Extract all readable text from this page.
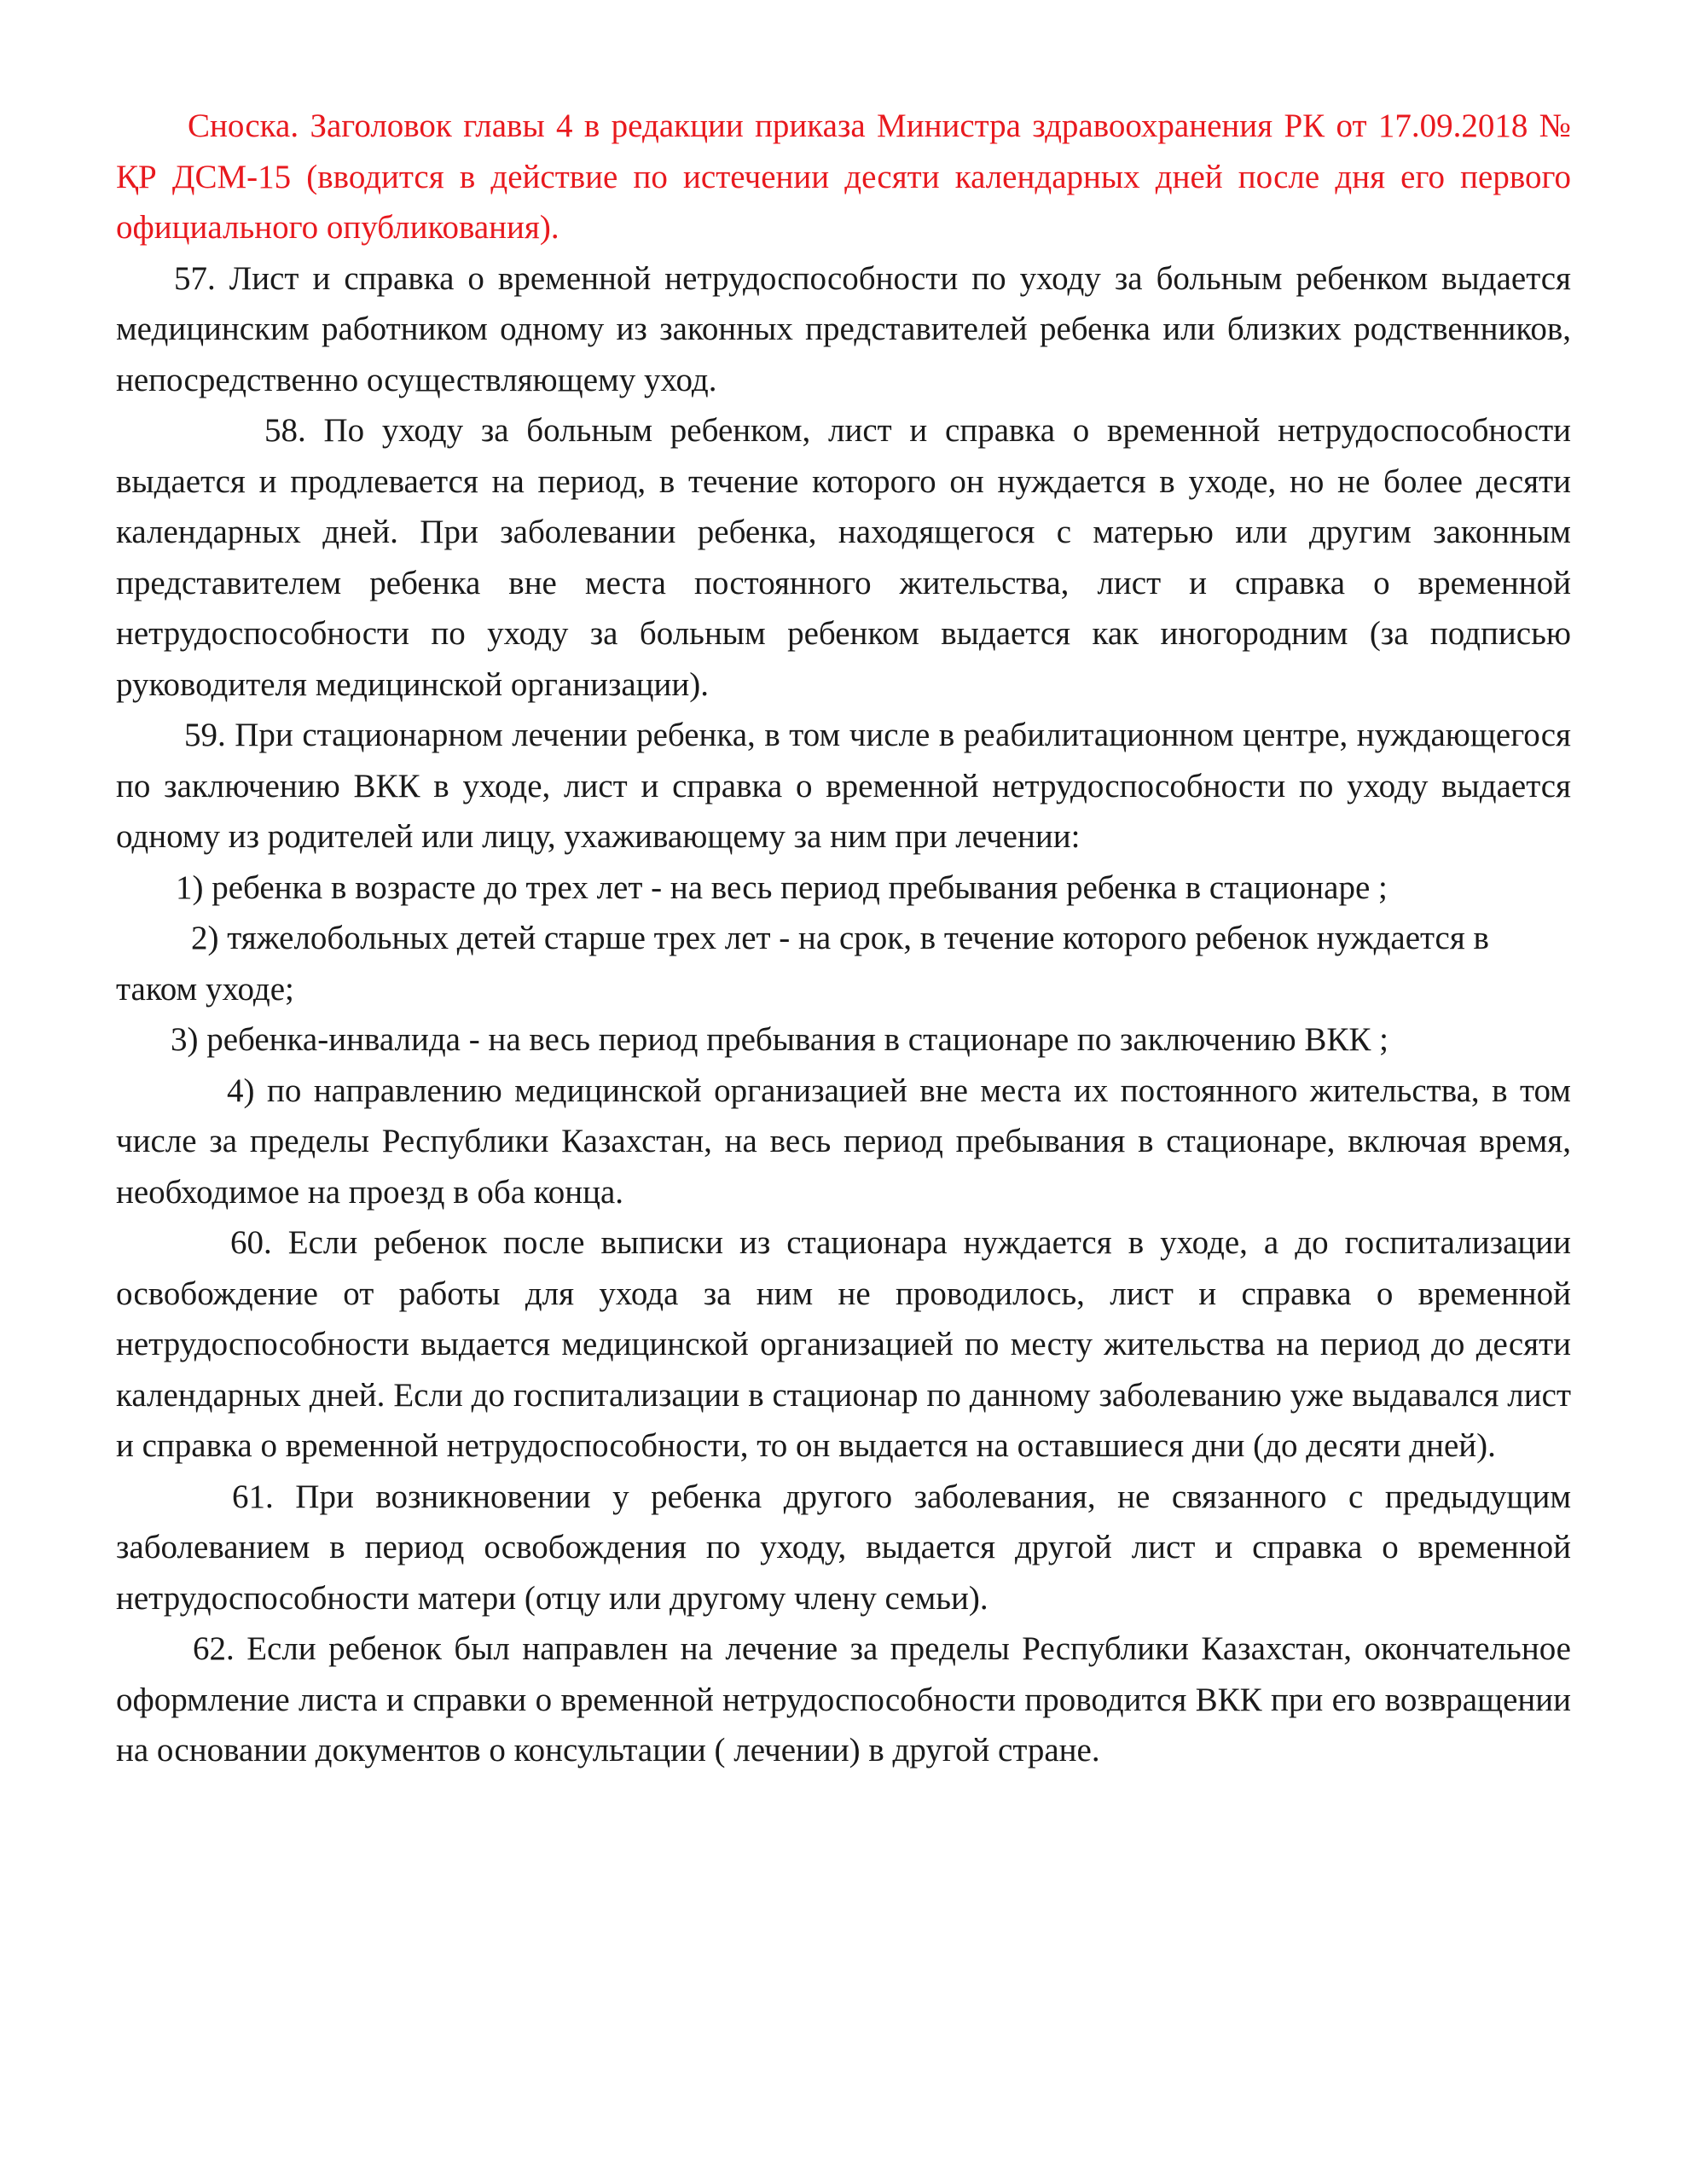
Сноска. Заголовок главы 4 в редакции приказа Министра здравоохранения РК от 17.09.2018 № ҚР ДСМ-15 (вводится в действие по истечении десяти календарных дней после дня его первого официального опубликования).

57. Лист и справка о временной нетрудоспособности по уходу за больным ребенком выдается медицинским работником одному из законных представителей ребенка или близких родственников, непосредственно осуществляющему уход.

58. По уходу за больным ребенком, лист и справка о временной нетрудоспособности выдается и продлевается на период, в течение которого он нуждается в уходе, но не более десяти календарных дней. При заболевании ребенка, находящегося с матерью или другим законным представителем ребенка вне места постоянного жительства, лист и справка о временной нетрудоспособности по уходу за больным ребенком выдается как иногородним (за подписью руководителя медицинской организации).

59. При стационарном лечении ребенка, в том числе в реабилитационном центре, нуждающегося по заключению ВКК в уходе, лист и справка о временной нетрудоспособности по уходу выдается одному из родителей или лицу, ухаживающему за ним при лечении:

1) ребенка в возрасте до трех лет - на весь период пребывания ребенка в стационаре ;

2) тяжелобольных детей старше трех лет - на срок, в течение которого ребенок нуждается в таком уходе;

3) ребенка-инвалида - на весь период пребывания в стационаре по заключению ВКК ;

4) по направлению медицинской организацией вне места их постоянного жительства, в том числе за пределы Республики Казахстан, на весь период пребывания в стационаре, включая время, необходимое на проезд в оба конца.

60. Если ребенок после выписки из стационара нуждается в уходе, а до госпитализации освобождение от работы для ухода за ним не проводилось, лист и справка о временной нетрудоспособности выдается медицинской организацией по месту жительства на период до десяти календарных дней. Если до госпитализации в стационар по данному заболеванию уже выдавался лист и справка о временной нетрудоспособности, то он выдается на оставшиеся дни (до десяти дней).

61. При возникновении у ребенка другого заболевания, не связанного с предыдущим заболеванием в период освобождения по уходу, выдается другой лист и справка о временной нетрудоспособности матери (отцу или другому члену семьи).

62. Если ребенок был направлен на лечение за пределы Республики Казахстан, окончательное оформление листа и справки о временной нетрудоспособности проводится ВКК при его возвращении на основании документов о консультации ( лечении) в другой стране.
